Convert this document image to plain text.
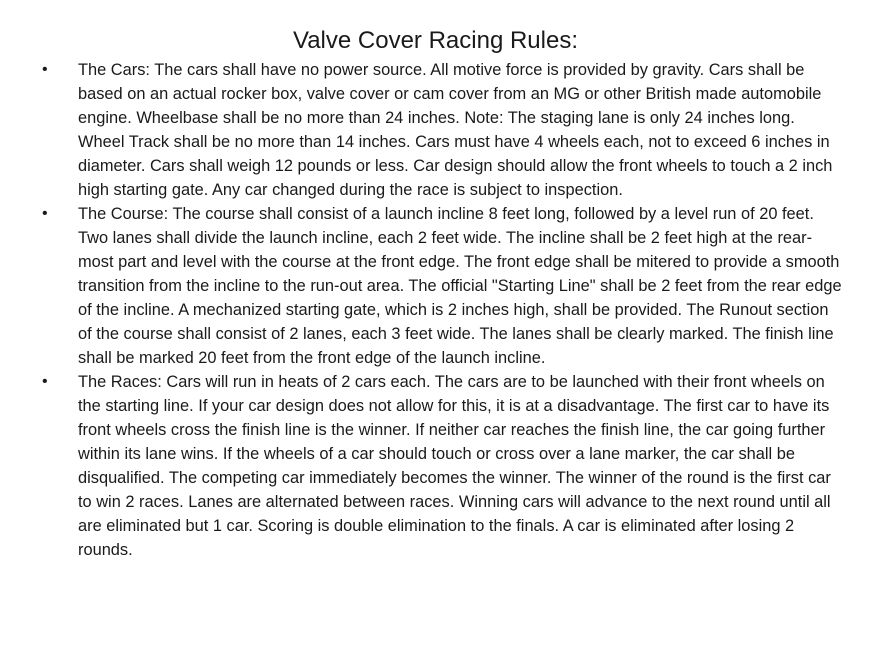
Valve Cover Racing Rules:
• The Cars: The cars shall have no power source. All motive force is provided by gravity. Cars shall be based on an actual rocker box, valve cover or cam cover from an MG or other British made automobile engine. Wheelbase shall be no more than 24 inches. Note: The staging lane is only 24 inches long. Wheel Track shall be no more than 14 inches. Cars must have 4 wheels each, not to exceed 6 inches in diameter. Cars shall weigh 12 pounds or less. Car design should allow the front wheels to touch a 2 inch high starting gate. Any car changed during the race is subject to inspection.
• The Course: The course shall consist of a launch incline 8 feet long, followed by a level run of 20 feet. Two lanes shall divide the launch incline, each 2 feet wide. The incline shall be 2 feet high at the rear-most part and level with the course at the front edge. The front edge shall be mitered to provide a smooth transition from the incline to the run-out area. The official "Starting Line" shall be 2 feet from the rear edge of the incline. A mechanized starting gate, which is 2 inches high, shall be provided. The Runout section of the course shall consist of 2 lanes, each 3 feet wide. The lanes shall be clearly marked. The finish line shall be marked 20 feet from the front edge of the launch incline.
• The Races: Cars will run in heats of 2 cars each. The cars are to be launched with their front wheels on the starting line. If your car design does not allow for this, it is at a disadvantage. The first car to have its front wheels cross the finish line is the winner. If neither car reaches the finish line, the car going further within its lane wins. If the wheels of a car should touch or cross over a lane marker, the car shall be disqualified. The competing car immediately becomes the winner. The winner of the round is the first car to win 2 races. Lanes are alternated between races. Winning cars will advance to the next round until all are eliminated but 1 car. Scoring is double elimination to the finals. A car is eliminated after losing 2 rounds.
